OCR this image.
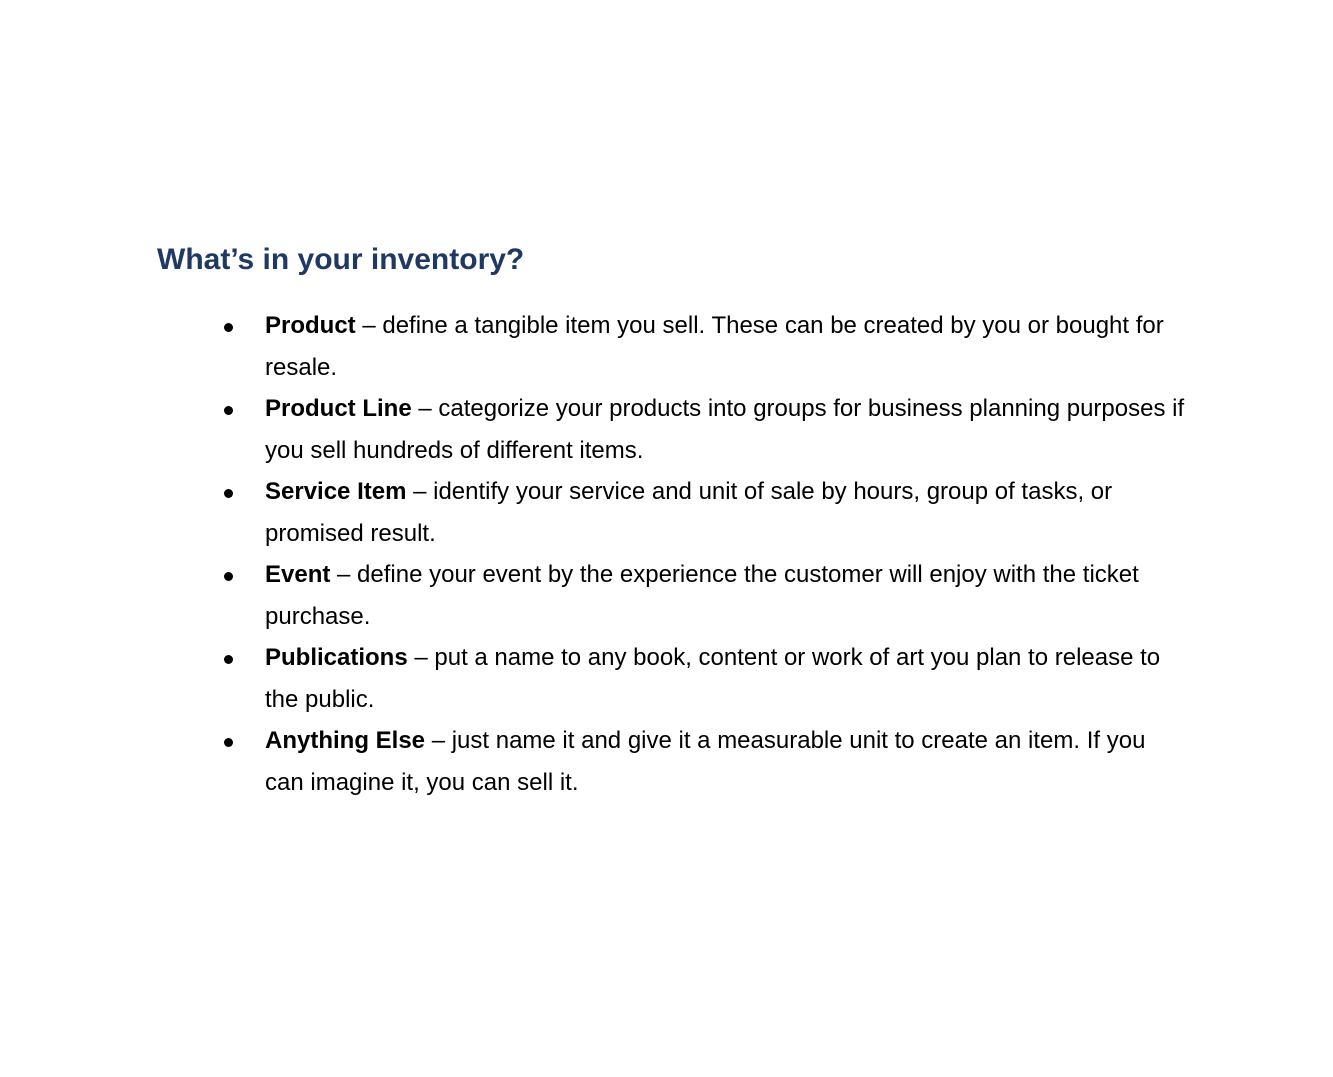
What’s in your inventory?
Product – define a tangible item you sell. These can be created by you or bought for resale.
Product Line – categorize your products into groups for business planning purposes if you sell hundreds of different items.
Service Item – identify your service and unit of sale by hours, group of tasks, or promised result.
Event – define your event by the experience the customer will enjoy with the ticket purchase.
Publications – put a name to any book, content or work of art you plan to release to the public.
Anything Else – just name it and give it a measurable unit to create an item. If you can imagine it, you can sell it.
